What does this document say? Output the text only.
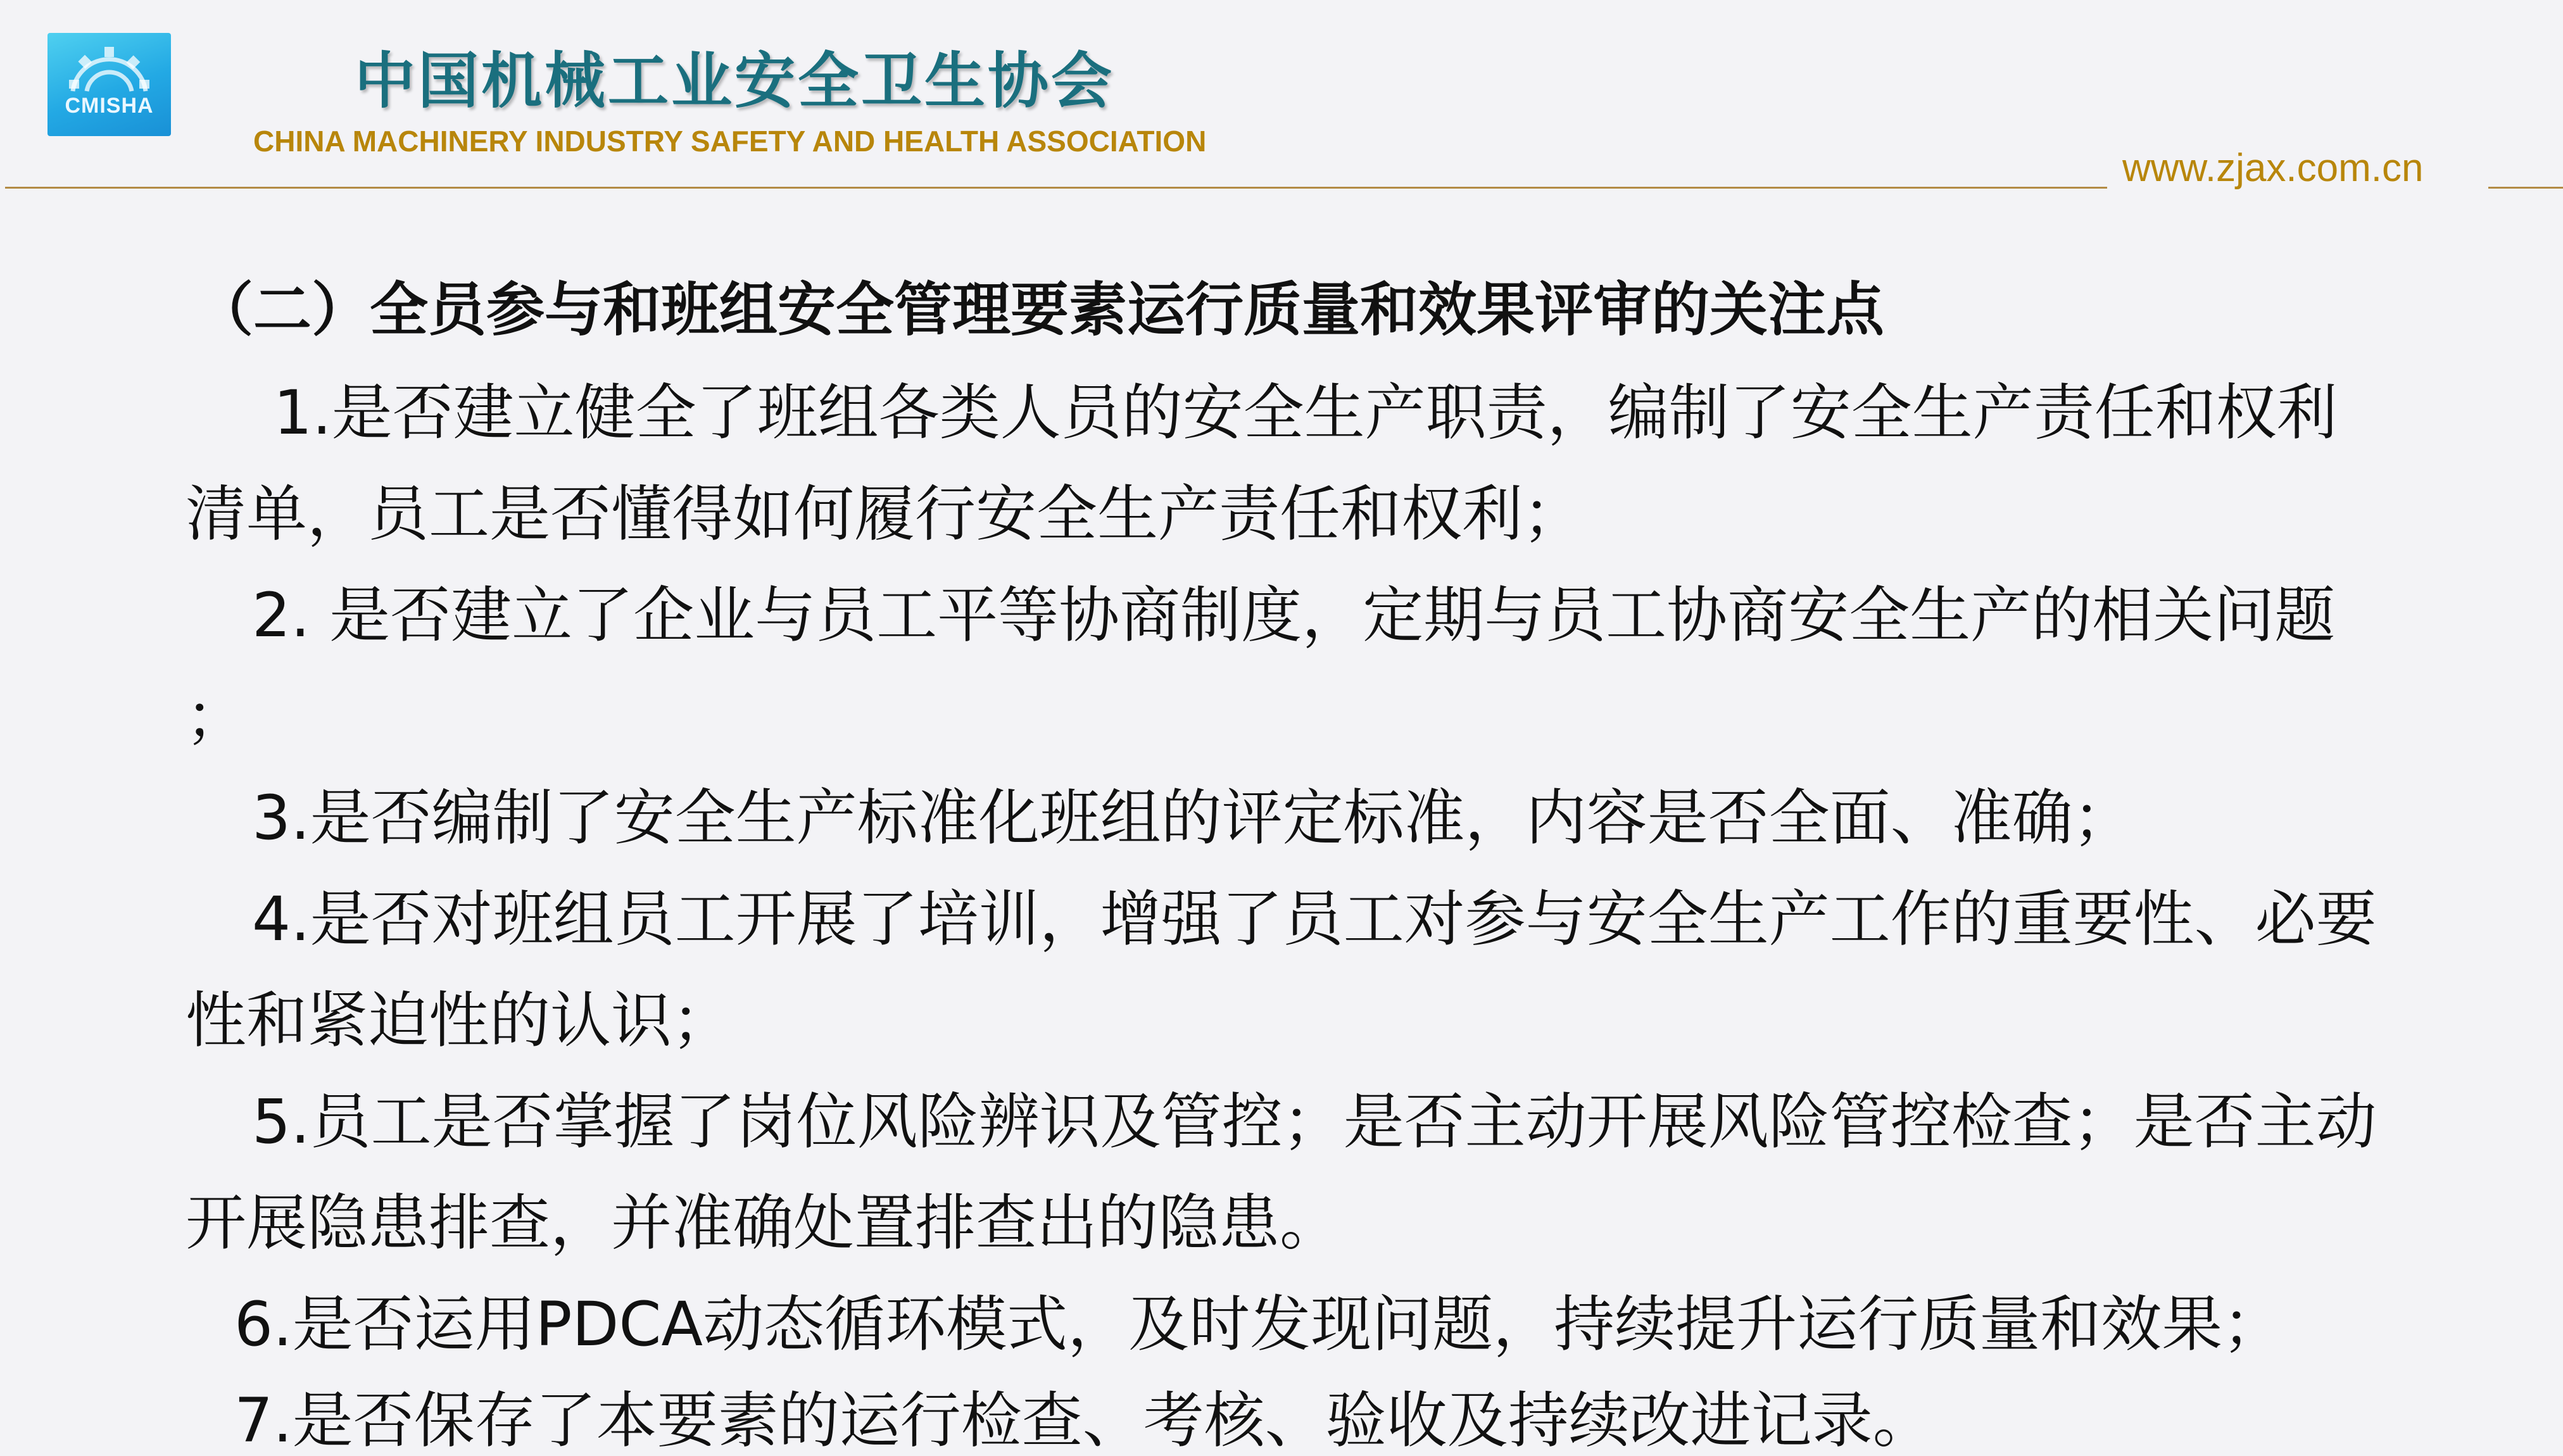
CMISHA	中国机械工业安全卫生协会
CHINA MACHINERY INDUSTRY SAFETY AND HEALTH ASSOCIATION
www.zjax.com.cn
（二）全员参与和班组安全管理要素运行质量和效果评审的关注点
1.是否建立健全了班组各类人员的安全生产职责，编制了安全生产责任和权利
清单，员工是否懂得如何履行安全生产责任和权利；
2. 是否建立了企业与员工平等协商制度，定期与员工协商安全生产的相关问题
；
3.是否编制了安全生产标准化班组的评定标准，内容是否全面、准确；
4.是否对班组员工开展了培训，增强了员工对参与安全生产工作的重要性、必要
性和紧迫性的认识；
5.员工是否掌握了岗位风险辨识及管控；是否主动开展风险管控检查；是否主动
开展隐患排查，并准确处置排查出的隐患。
6.是否运用PDCA动态循环模式，及时发现问题，持续提升运行质量和效果；
7.是否保存了本要素的运行检查、考核、验收及持续改进记录。
